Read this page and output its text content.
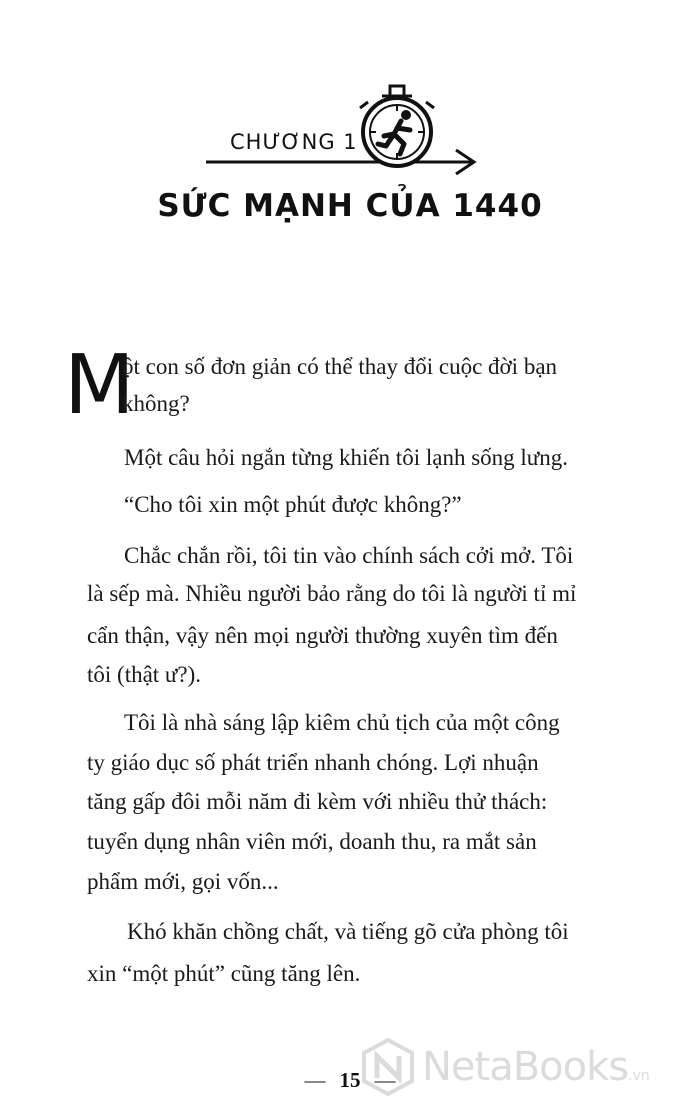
CHƯƠNG 1
SỨC MẠNH CỦA 1440
M
ột con số đơn giản có thể thay đổi cuộc đời bạn
không?
Một câu hỏi ngắn từng khiến tôi lạnh sống lưng.
“Cho tôi xin một phút được không?”
Chắc chắn rồi, tôi tin vào chính sách cởi mở. Tôi
là sếp mà. Nhiều người bảo rằng do tôi là người tỉ mỉ
cẩn thận, vậy nên mọi người thường xuyên tìm đến
tôi (thật ư?).
Tôi là nhà sáng lập kiêm chủ tịch của một công
ty giáo dục số phát triển nhanh chóng. Lợi nhuận
tăng gấp đôi mỗi năm đi kèm với nhiều thử thách:
tuyển dụng nhân viên mới, doanh thu, ra mắt sản
phẩm mới, gọi vốn...
Khó khăn chồng chất, và tiếng gõ cửa phòng tôi
xin “một phút” cũng tăng lên.
— 15 — NetaBooks.vn
